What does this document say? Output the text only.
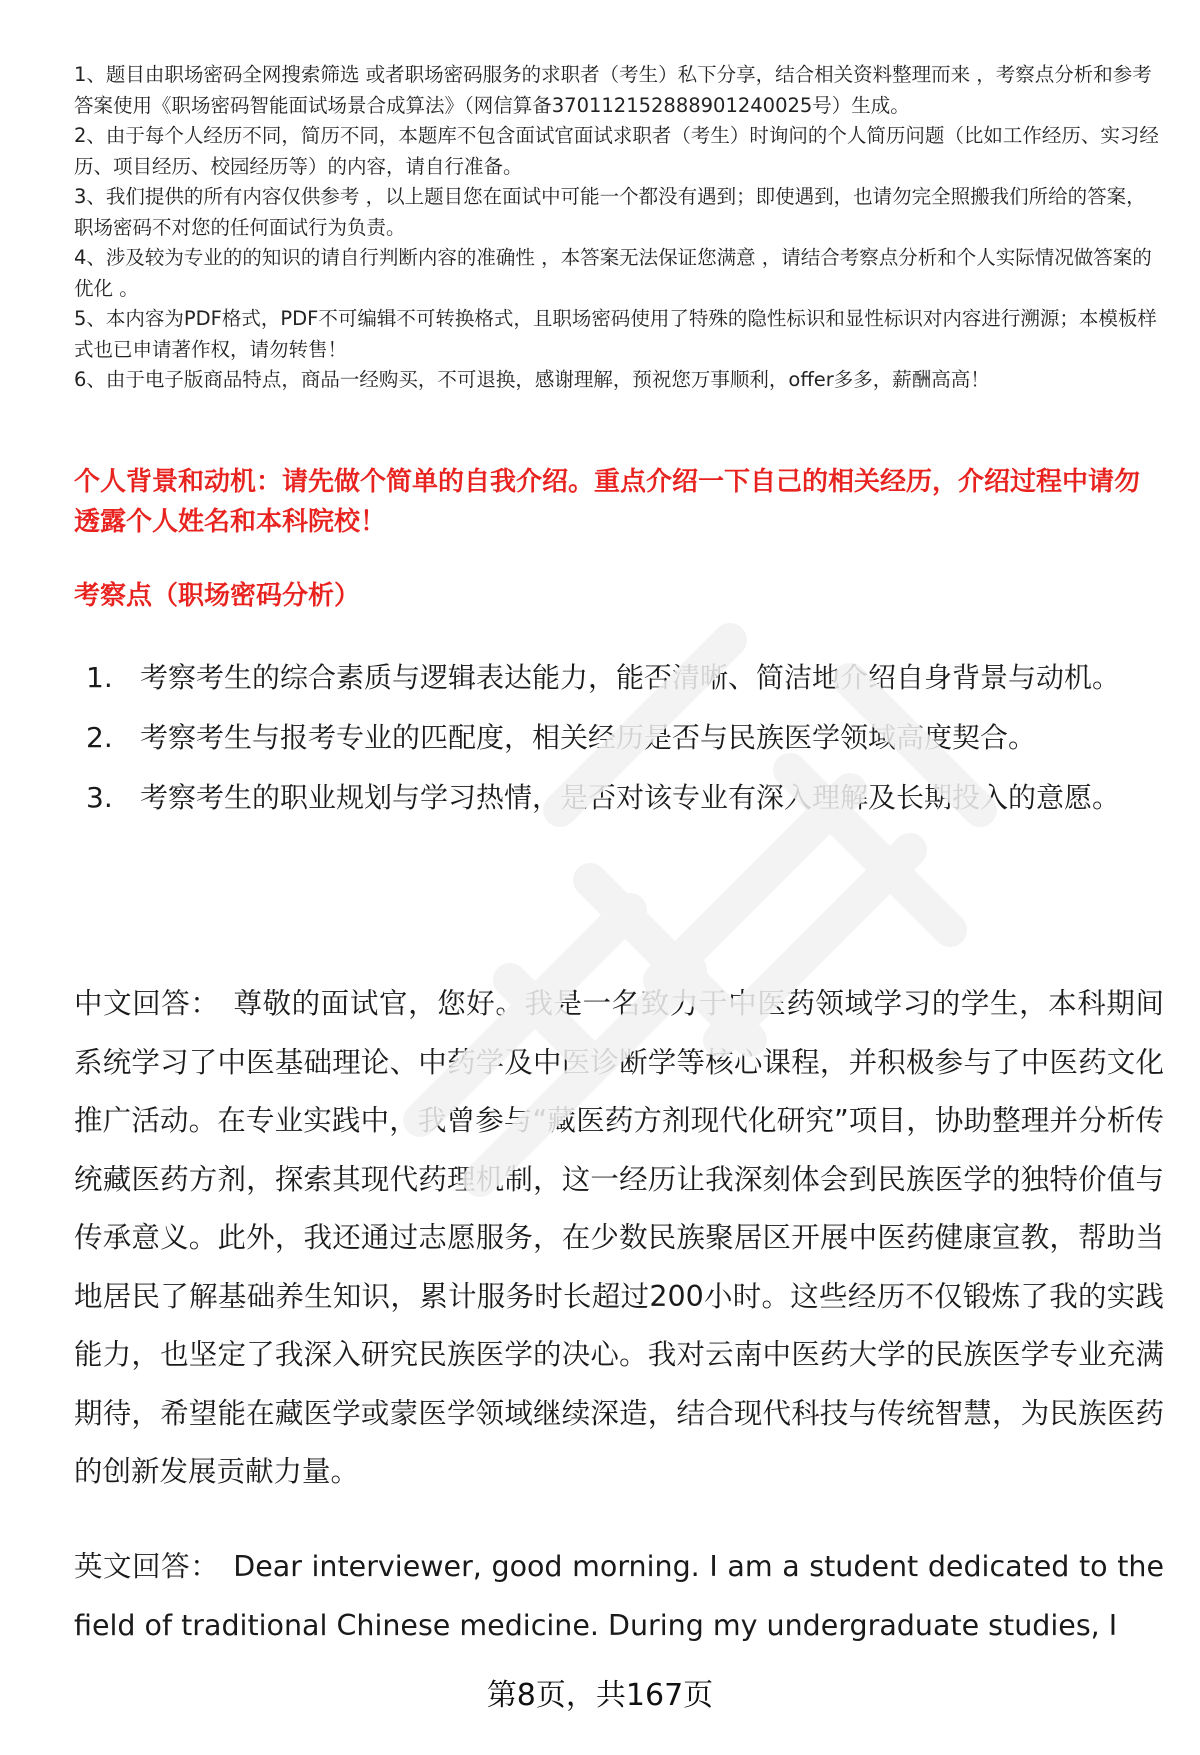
1、题目由职场密码全网搜索筛选 或者职场密码服务的求职者（考生）私下分享，结合相关资料整理而来 ，考察点分析和参考答案使用《职场密码智能面试场景合成算法》（网信算备370112152888901240025号）生成。

2、由于每个人经历不同，简历不同，本题库不包含面试官面试求职者（考生）时询问的个人简历问题（比如工作经历、实习经历、项目经历、校园经历等）的内容，请自行准备。

3、我们提供的所有内容仅供参考 ，以上题目您在面试中可能一个都没有遇到；即使遇到，也请勿完全照搬我们所给的答案，职场密码不对您的任何面试行为负责。

4、涉及较为专业的的知识的请自行判断内容的准确性 ，本答案无法保证您满意 ，请结合考察点分析和个人实际情况做答案的优化 。

5、本内容为PDF格式，PDF不可编辑不可转换格式，且职场密码使用了特殊的隐性标识和显性标识对内容进行溯源；本模板样式也已申请著作权，请勿转售！

6、由于电子版商品特点，商品一经购买，不可退换，感谢理解，预祝您万事顺利，offer多多，薪酬高高！

个人背景和动机：请先做个简单的自我介绍。重点介绍一下自己的相关经历，介绍过程中请勿透露个人姓名和本科院校！
考察点（职场密码分析）
1. 考察考生的综合素质与逻辑表达能力，能否清晰、简洁地介绍自身背景与动机。
2. 考察考生与报考专业的匹配度，相关经历是否与民族医学领域高度契合。
3. 考察考生的职业规划与学习热情，是否对该专业有深入理解及长期投入的意愿。
中文回答： 尊敬的面试官，您好。我是一名致力于中医药领域学习的学生，本科期间系统学习了中医基础理论、中药学及中医诊断学等核心课程，并积极参与了中医药文化推广活动。在专业实践中，我曾参与“藏医药方剂现代化研究”项目，协助整理并分析传统藏医药方剂，探索其现代药理机制，这一经历让我深刻体会到民族医学的独特价值与传承意义。此外，我还通过志愿服务，在少数民族聚居区开展中医药健康宣教，帮助当地居民了解基础养生知识，累计服务时长超过200小时。这些经历不仅锻炼了我的实践能力，也坚定了我深入研究民族医学的决心。我对云南中医药大学的民族医学专业充满期待，希望能在藏医学或蒙医学领域继续深造，结合现代科技与传统智慧，为民族医药的创新发展贡献力量。
英文回答： Dear interviewer, good morning. I am a student dedicated to the field of traditional Chinese medicine. During my undergraduate studies, I
第8页，共167页
